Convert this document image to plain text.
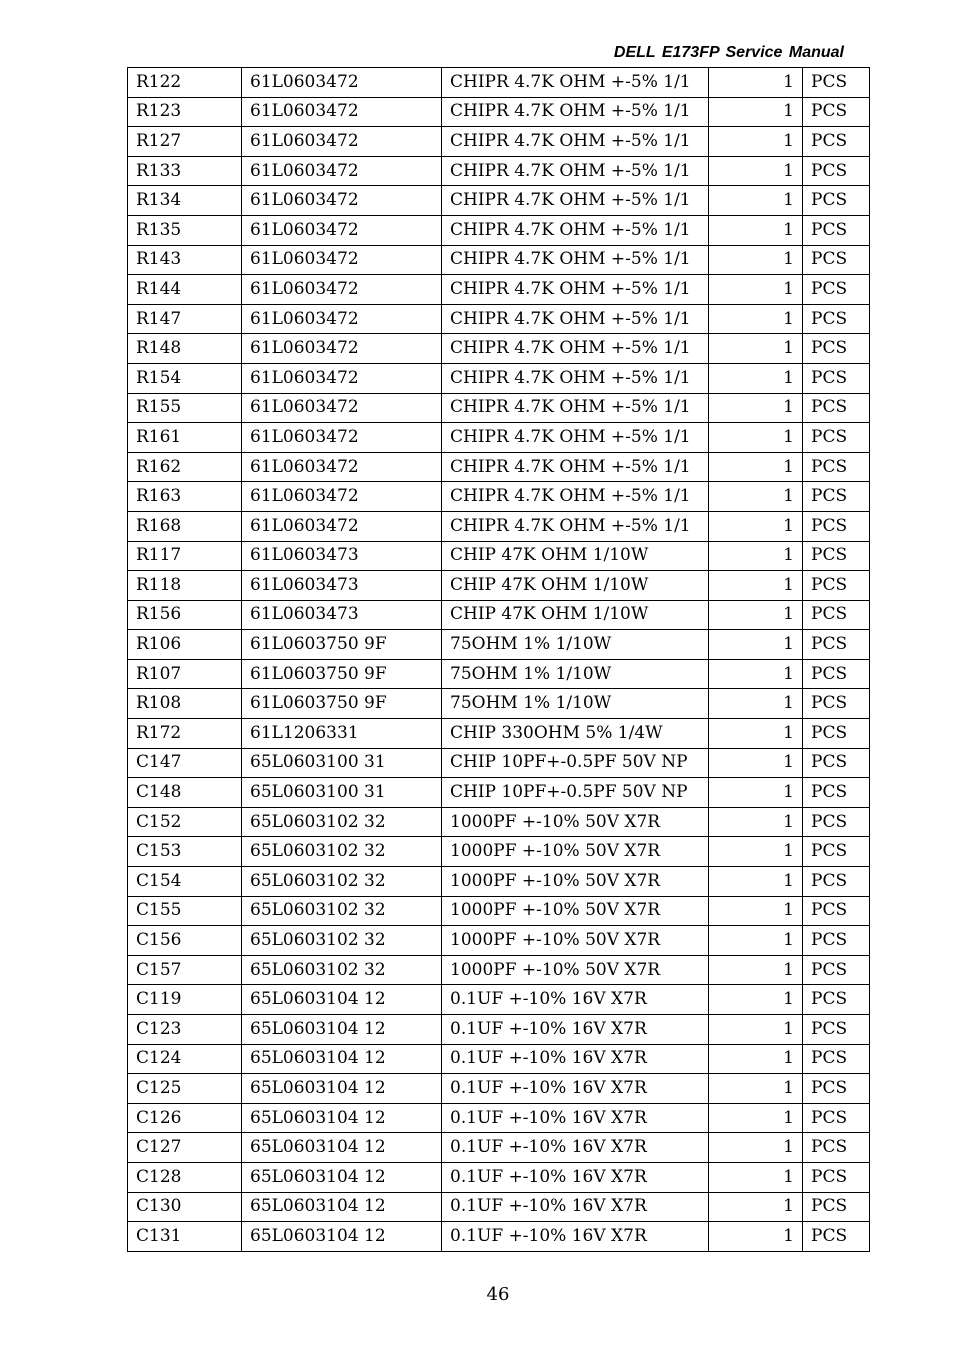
DELL E173FP Service Manual
R122	61L0603472	CHIPR 4.7K OHM +-5% 1/1	1	PCS
R123	61L0603472	CHIPR 4.7K OHM +-5% 1/1	1	PCS
R127	61L0603472	CHIPR 4.7K OHM +-5% 1/1	1	PCS
R133	61L0603472	CHIPR 4.7K OHM +-5% 1/1	1	PCS
R134	61L0603472	CHIPR 4.7K OHM +-5% 1/1	1	PCS
R135	61L0603472	CHIPR 4.7K OHM +-5% 1/1	1	PCS
R143	61L0603472	CHIPR 4.7K OHM +-5% 1/1	1	PCS
R144	61L0603472	CHIPR 4.7K OHM +-5% 1/1	1	PCS
R147	61L0603472	CHIPR 4.7K OHM +-5% 1/1	1	PCS
R148	61L0603472	CHIPR 4.7K OHM +-5% 1/1	1	PCS
R154	61L0603472	CHIPR 4.7K OHM +-5% 1/1	1	PCS
R155	61L0603472	CHIPR 4.7K OHM +-5% 1/1	1	PCS
R161	61L0603472	CHIPR 4.7K OHM +-5% 1/1	1	PCS
R162	61L0603472	CHIPR 4.7K OHM +-5% 1/1	1	PCS
R163	61L0603472	CHIPR 4.7K OHM +-5% 1/1	1	PCS
R168	61L0603472	CHIPR 4.7K OHM +-5% 1/1	1	PCS
R117	61L0603473	CHIP 47K OHM 1/10W	1	PCS
R118	61L0603473	CHIP 47K OHM 1/10W	1	PCS
R156	61L0603473	CHIP 47K OHM 1/10W	1	PCS
R106	61L0603750 9F	75OHM 1% 1/10W	1	PCS
R107	61L0603750 9F	75OHM 1% 1/10W	1	PCS
R108	61L0603750 9F	75OHM 1% 1/10W	1	PCS
R172	61L1206331	CHIP 330OHM 5% 1/4W	1	PCS
C147	65L0603100 31	CHIP 10PF+-0.5PF 50V NP	1	PCS
C148	65L0603100 31	CHIP 10PF+-0.5PF 50V NP	1	PCS
C152	65L0603102 32	1000PF +-10% 50V X7R	1	PCS
C153	65L0603102 32	1000PF +-10% 50V X7R	1	PCS
C154	65L0603102 32	1000PF +-10% 50V X7R	1	PCS
C155	65L0603102 32	1000PF +-10% 50V X7R	1	PCS
C156	65L0603102 32	1000PF +-10% 50V X7R	1	PCS
C157	65L0603102 32	1000PF +-10% 50V X7R	1	PCS
C119	65L0603104 12	0.1UF +-10% 16V X7R	1	PCS
C123	65L0603104 12	0.1UF +-10% 16V X7R	1	PCS
C124	65L0603104 12	0.1UF +-10% 16V X7R	1	PCS
C125	65L0603104 12	0.1UF +-10% 16V X7R	1	PCS
C126	65L0603104 12	0.1UF +-10% 16V X7R	1	PCS
C127	65L0603104 12	0.1UF +-10% 16V X7R	1	PCS
C128	65L0603104 12	0.1UF +-10% 16V X7R	1	PCS
C130	65L0603104 12	0.1UF +-10% 16V X7R	1	PCS
C131	65L0603104 12	0.1UF +-10% 16V X7R	1	PCS
46
